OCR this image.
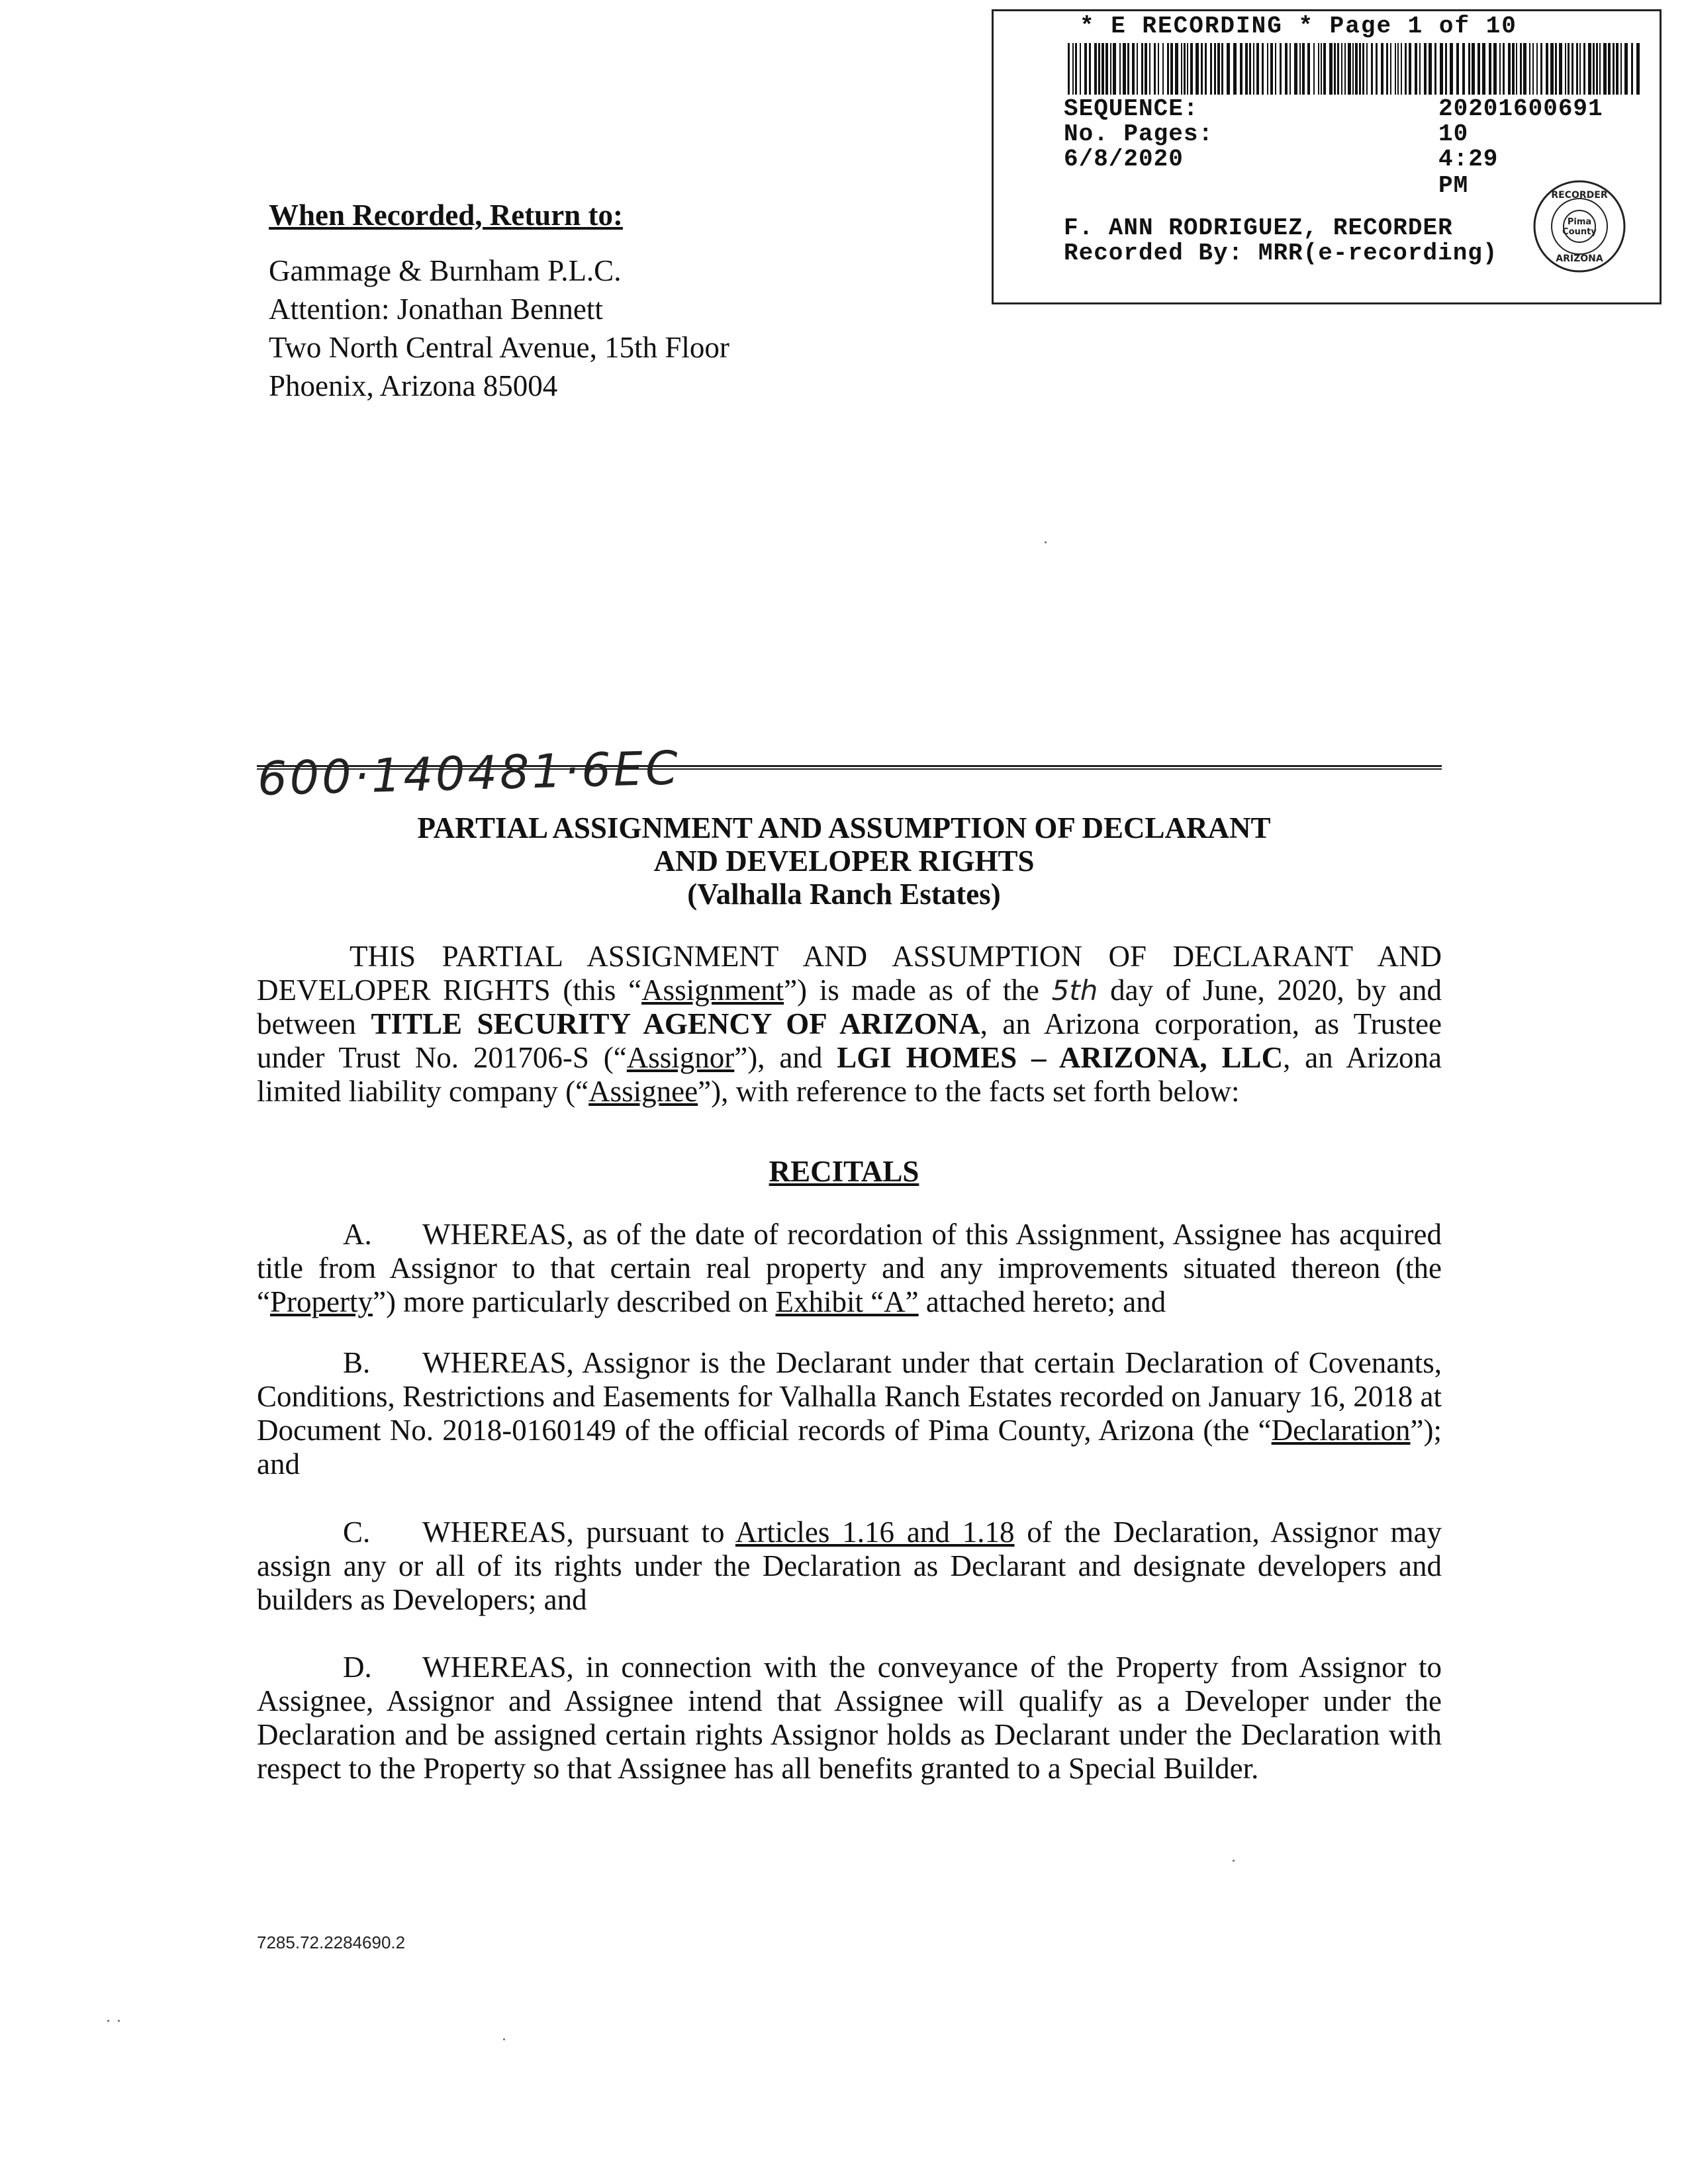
* E RECORDING * Page 1 of 10
SEQUENCE:	20201600691
No. Pages:	10
6/8/2020	4:29 PM
F. ANN RODRIGUEZ, RECORDER
Recorded By: MRR(e-recording)
Pima
County
RECORDER
ARIZONA
When Recorded, Return to:
Gammage & Burnham P.L.C.
Attention: Jonathan Bennett
Two North Central Avenue, 15th Floor
Phoenix, Arizona 85004
600·140481·6EC
PARTIAL ASSIGNMENT AND ASSUMPTION OF DECLARANT
AND DEVELOPER RIGHTS
(Valhalla Ranch Estates)
THIS PARTIAL ASSIGNMENT AND ASSUMPTION OF DECLARANT AND DEVELOPER RIGHTS (this “Assignment”) is made as of the 5th day of June, 2020, by and between TITLE SECURITY AGENCY OF ARIZONA, an Arizona corporation, as Trustee under Trust No. 201706-S (“Assignor”), and LGI HOMES – ARIZONA, LLC, an Arizona limited liability company (“Assignee”), with reference to the facts set forth below:
RECITALS
A. WHEREAS, as of the date of recordation of this Assignment, Assignee has acquired title from Assignor to that certain real property and any improvements situated thereon (the “Property”) more particularly described on Exhibit “A” attached hereto; and
B. WHEREAS, Assignor is the Declarant under that certain Declaration of Covenants, Conditions, Restrictions and Easements for Valhalla Ranch Estates recorded on January 16, 2018 at Document No. 2018-0160149 of the official records of Pima County, Arizona (the “Declaration”); and
C. WHEREAS, pursuant to Articles 1.16 and 1.18 of the Declaration, Assignor may assign any or all of its rights under the Declaration as Declarant and designate developers and builders as Developers; and
D. WHEREAS, in connection with the conveyance of the Property from Assignor to Assignee, Assignor and Assignee intend that Assignee will qualify as a Developer under the Declaration and be assigned certain rights Assignor holds as Declarant under the Declaration with respect to the Property so that Assignee has all benefits granted to a Special Builder.
7285.72.2284690.2
